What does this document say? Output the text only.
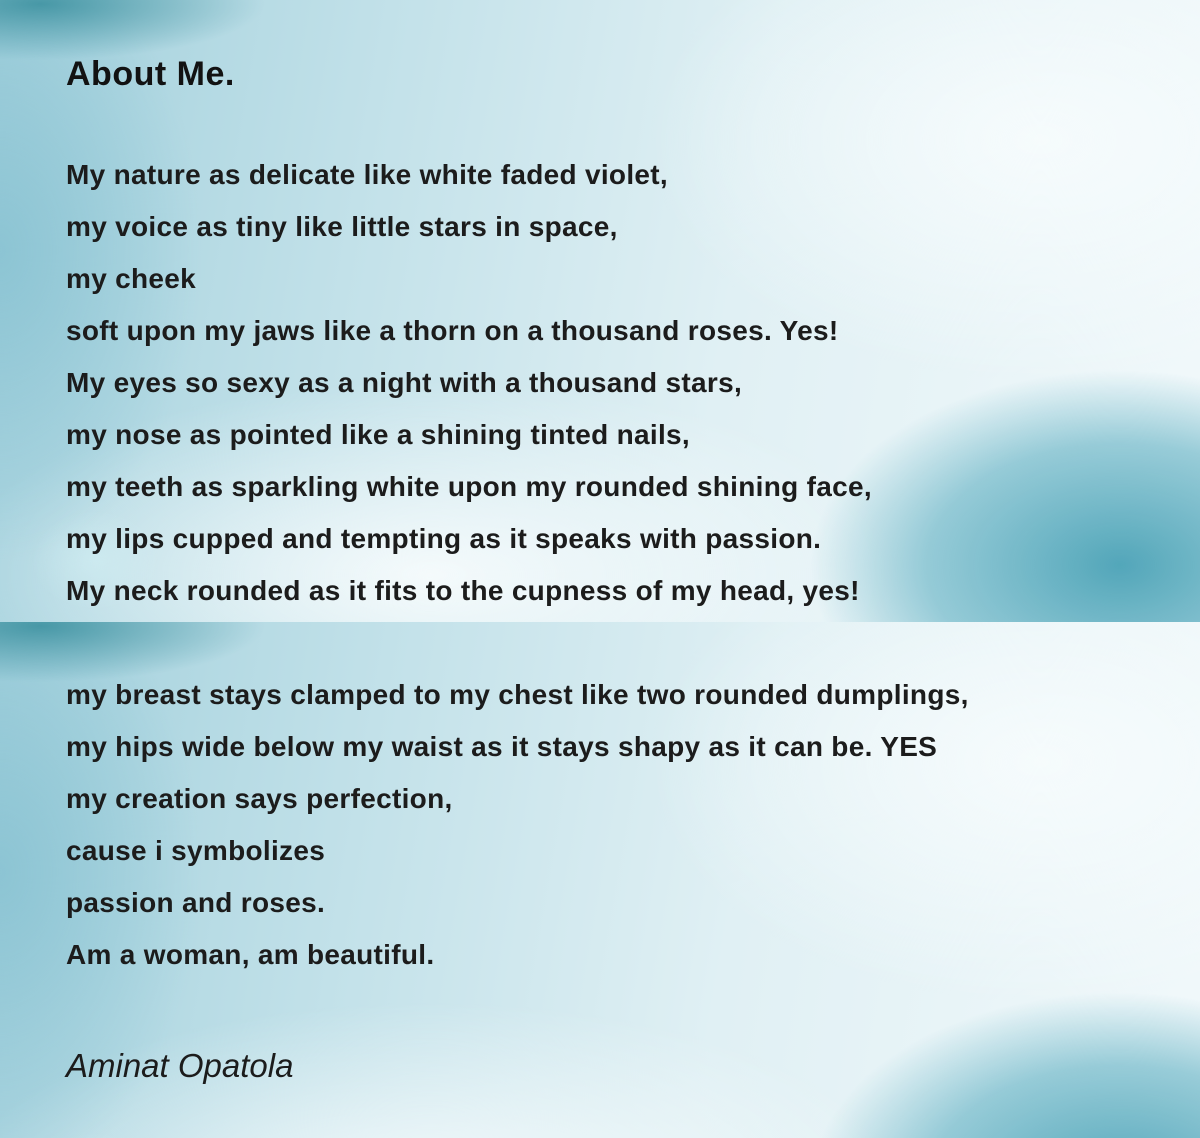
About Me.
My nature as delicate like white faded violet,
my voice as tiny like little stars in space,
my cheek
soft upon my jaws like a thorn on a thousand roses. Yes!
My eyes so sexy as a night with a thousand stars,
my nose as pointed like a shining tinted nails,
my teeth as sparkling white upon my rounded shining face,
my lips cupped and tempting as it speaks with passion.
My neck rounded as it fits to the cupness of my head, yes!
my breast stays clamped to my chest like two rounded dumplings,
my hips wide below my waist as it stays shapy as it can be. YES
my creation says perfection,
cause i symbolizes
passion and roses.
Am a woman, am beautiful.
Aminat Opatola
